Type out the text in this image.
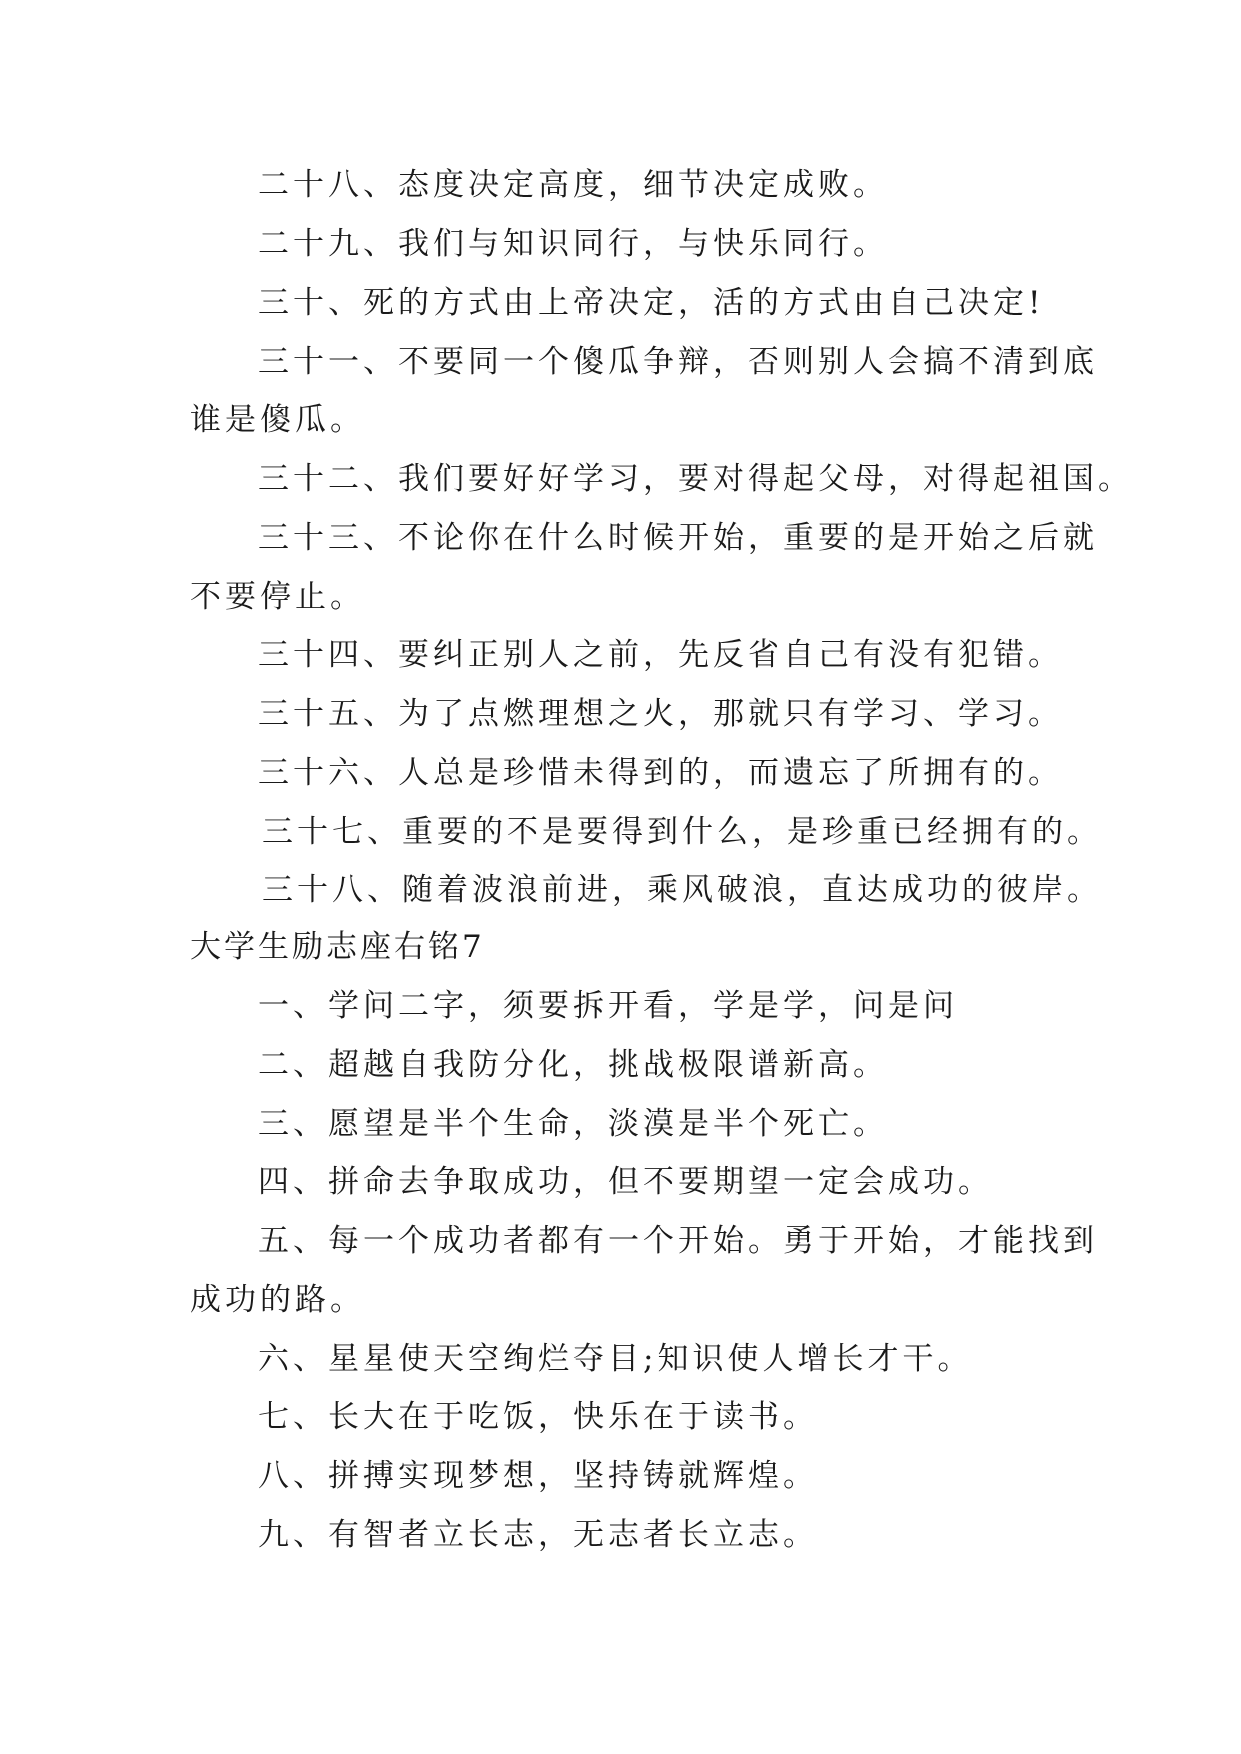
二十八、态度决定高度，细节决定成败。
二十九、我们与知识同行，与快乐同行。
三十、死的方式由上帝决定，活的方式由自己决定!
三十一、不要同一个傻瓜争辩，否则别人会搞不清到底
谁是傻瓜。
三十二、我们要好好学习，要对得起父母，对得起祖国。
三十三、不论你在什么时候开始，重要的是开始之后就
不要停止。
三十四、要纠正别人之前，先反省自己有没有犯错。
三十五、为了点燃理想之火，那就只有学习、学习。
三十六、人总是珍惜未得到的，而遗忘了所拥有的。
三十七、重要的不是要得到什么，是珍重已经拥有的。
三十八、随着波浪前进，乘风破浪，直达成功的彼岸。
大学生励志座右铭7
一、学问二字，须要拆开看，学是学，问是问
二、超越自我防分化，挑战极限谱新高。
三、愿望是半个生命，淡漠是半个死亡。
四、拼命去争取成功，但不要期望一定会成功。
五、每一个成功者都有一个开始。勇于开始，才能找到
成功的路。
六、星星使天空绚烂夺目;知识使人增长才干。
七、长大在于吃饭，快乐在于读书。
八、拼搏实现梦想，坚持铸就辉煌。
九、有智者立长志，无志者长立志。
